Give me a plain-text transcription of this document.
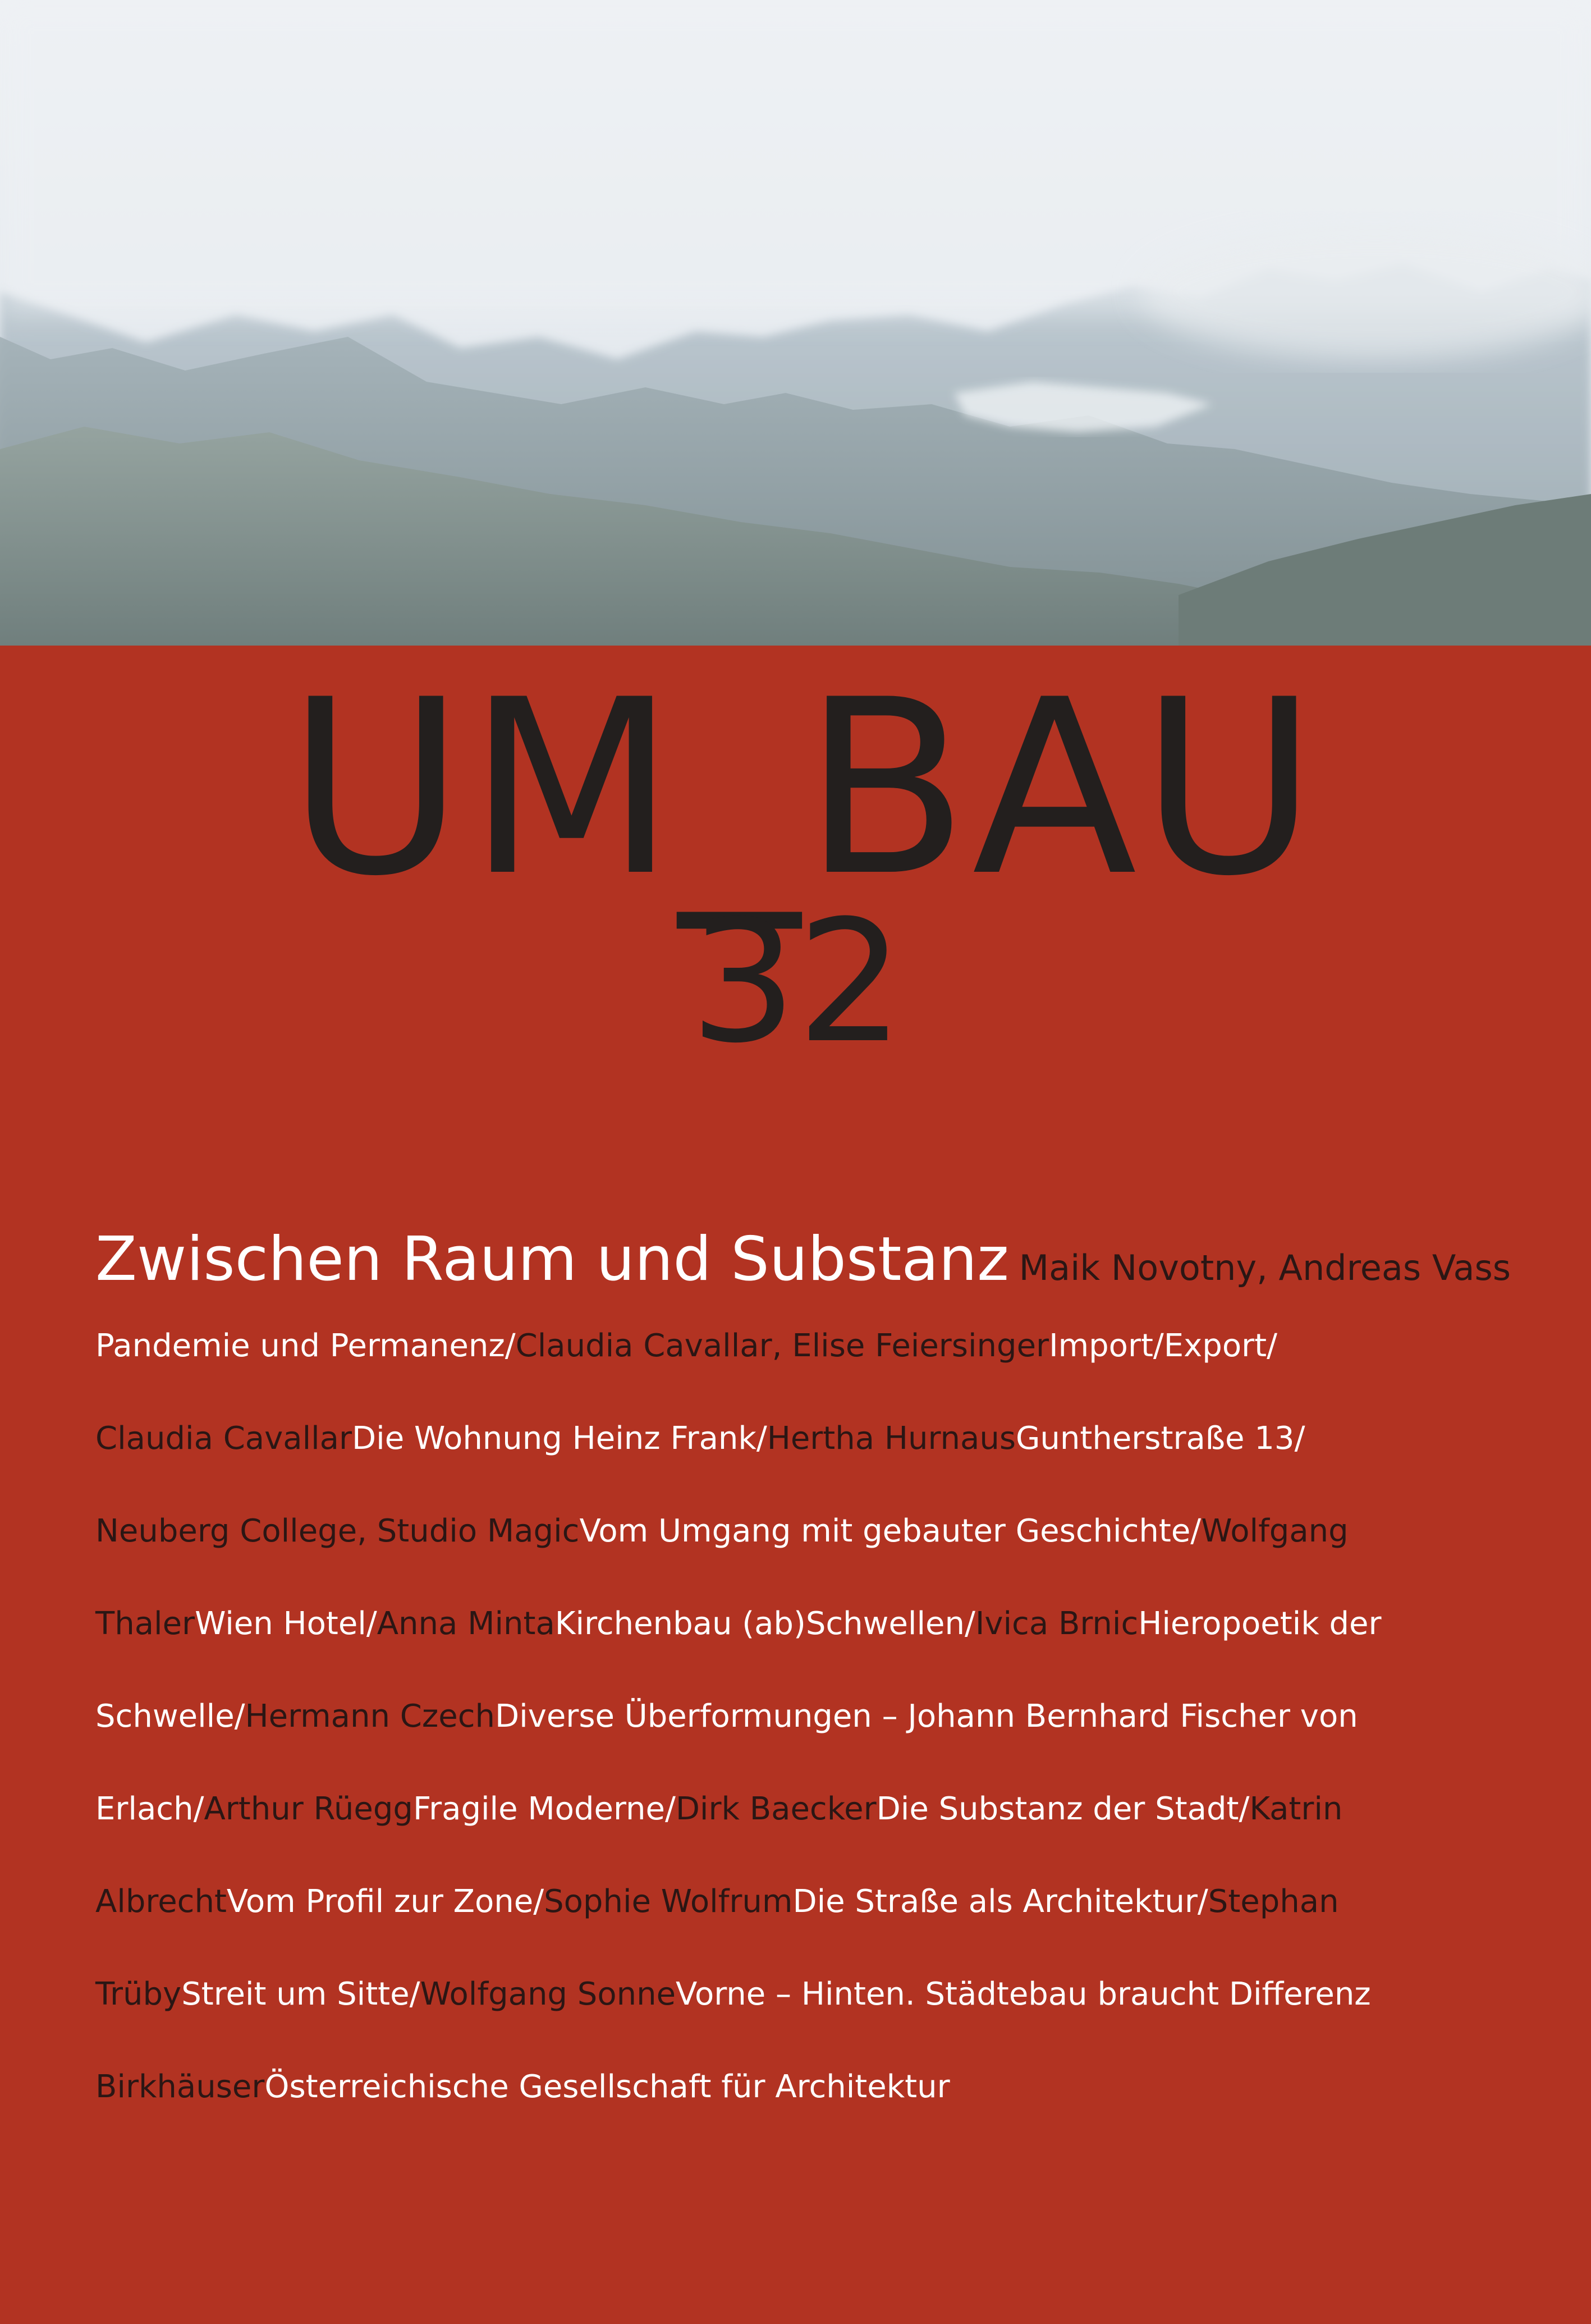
UM_BAU
32
Zwischen Raum und Substanz Maik Novotny, Andreas Vass
Pandemie und Permanenz/Claudia Cavallar, Elise FeiersingerImport/Export/
Claudia CavallarDie Wohnung Heinz Frank/Hertha HurnausGuntherstraße 13/
Neuberg College, Studio MagicVom Umgang mit gebauter Geschichte/Wolfgang
ThalerWien Hotel/Anna MintaKirchenbau (ab)Schwellen/Ivica BrnicHieropoetik der
Schwelle/Hermann CzechDiverse Überformungen – Johann Bernhard Fischer von
Erlach/Arthur RüeggFragile Moderne/Dirk BaeckerDie Substanz der Stadt/Katrin
AlbrechtVom Profil zur Zone/Sophie WolfrumDie Straße als Architektur/Stephan
TrübyStreit um Sitte/Wolfgang SonneVorne – Hinten. Städtebau braucht Differenz
BirkhäuserÖsterreichische Gesellschaft für Architektur
